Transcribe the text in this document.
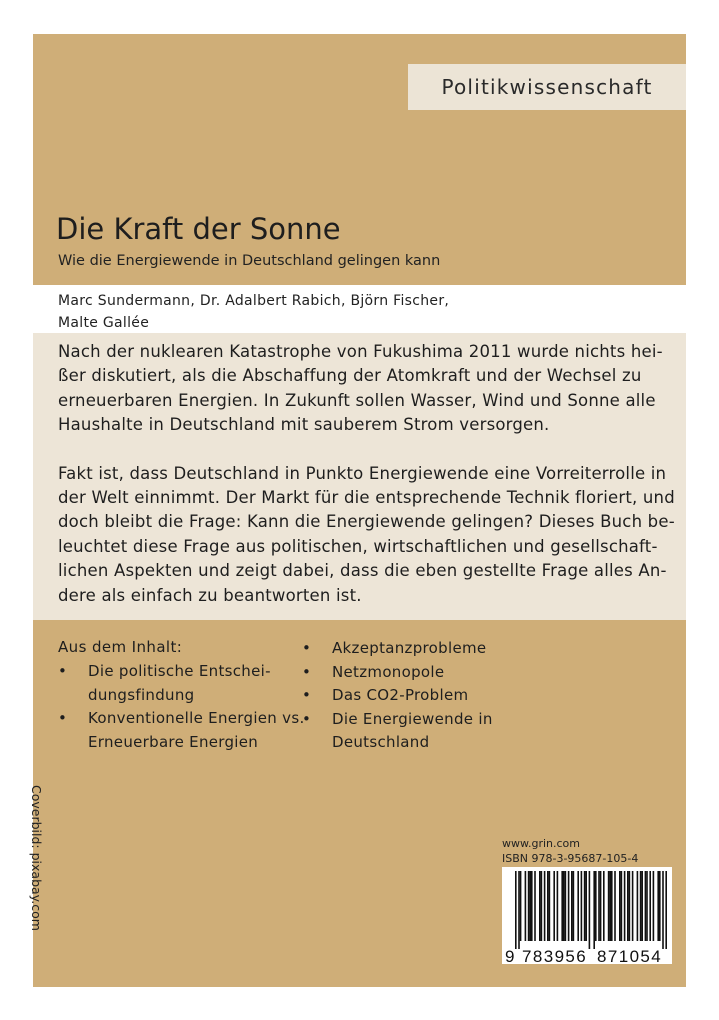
Politikwissenschaft
Die Kraft der Sonne
Wie die Energiewende in Deutschland gelingen kann
Marc Sundermann, Dr. Adalbert Rabich, Björn Fischer,
Malte Gallée
Nach der nuklearen Katastrophe von Fukushima 2011 wurde nichts hei-
ßer diskutiert, als die Abschaffung der Atomkraft und der Wechsel zu
erneuerbaren Energien. In Zukunft sollen Wasser, Wind und Sonne alle
Haushalte in Deutschland mit sauberem Strom versorgen.
Fakt ist, dass Deutschland in Punkto Energiewende eine Vorreiterrolle in
der Welt einnimmt. Der Markt für die entsprechende Technik floriert, und
doch bleibt die Frage: Kann die Energiewende gelingen? Dieses Buch be-
leuchtet diese Frage aus politischen, wirtschaftlichen und gesellschaft-
lichen Aspekten und zeigt dabei, dass die eben gestellte Frage alles An-
dere als einfach zu beantworten ist.
Aus dem Inhalt:
• Die politische Entschei-
dungsfindung
• Konventionelle Energien vs.
Erneuerbare Energien
• Akzeptanzprobleme
• Netzmonopole
• Das CO2-Problem
• Die Energiewende in
Deutschland
Coverbild: pixabay.com	www.grin.com
ISBN 978-3-95687-105-4
9 783956 871054
